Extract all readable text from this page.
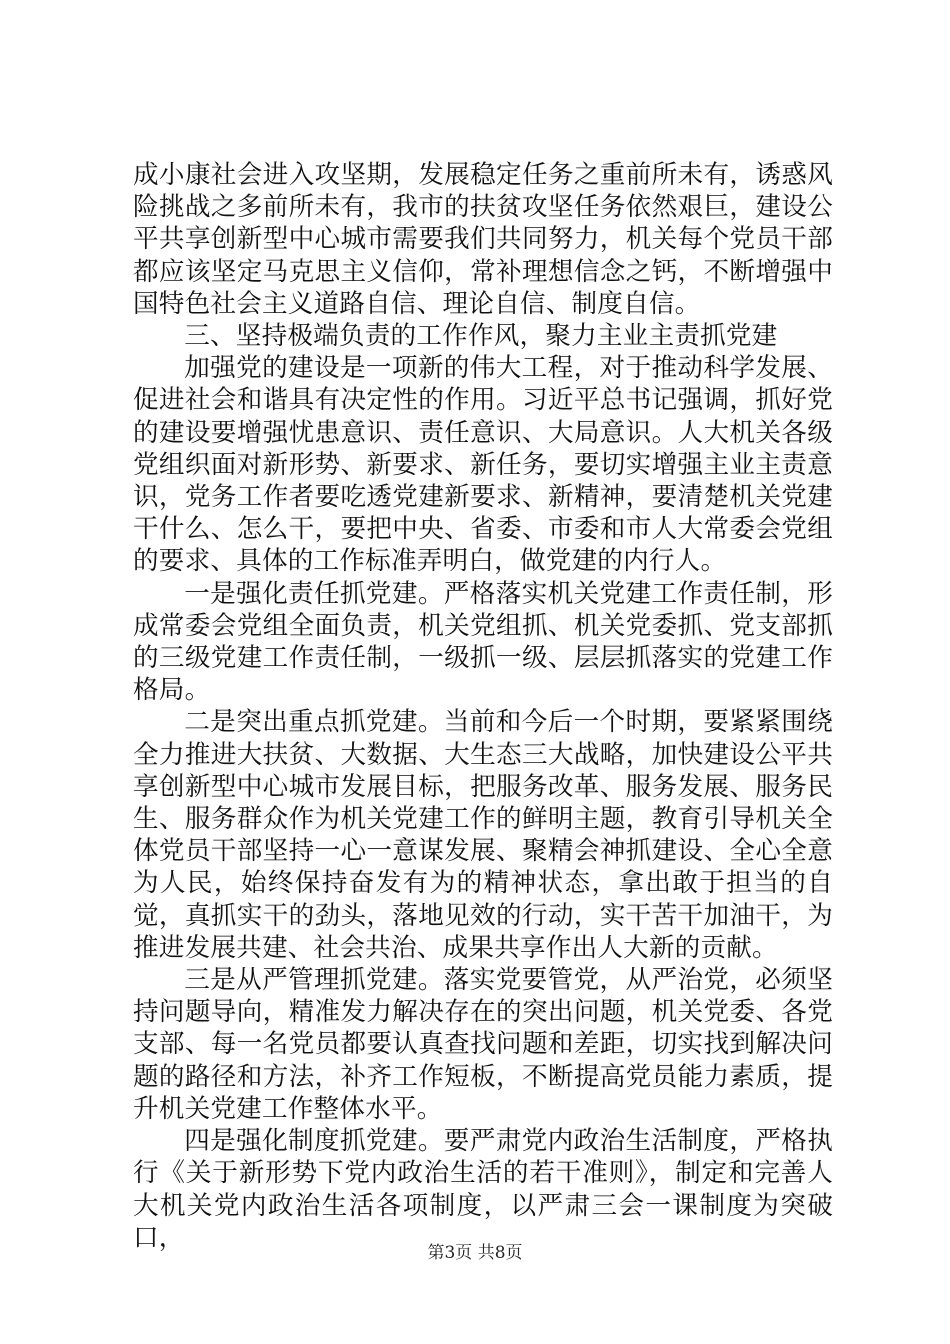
成小康社会进入攻坚期，发展稳定任务之重前所未有，诱惑风险挑战之多前所未有，我市的扶贫攻坚任务依然艰巨，建设公平共享创新型中心城市需要我们共同努力，机关每个党员干部都应该坚定马克思主义信仰，常补理想信念之钙，不断增强中国特色社会主义道路自信、理论自信、制度自信。

三、坚持极端负责的工作作风，聚力主业主责抓党建

加强党的建设是一项新的伟大工程，对于推动科学发展、促进社会和谐具有决定性的作用。习近平总书记强调，抓好党的建设要增强忧患意识、责任意识、大局意识。人大机关各级党组织面对新形势、新要求、新任务，要切实增强主业主责意识，党务工作者要吃透党建新要求、新精神，要清楚机关党建干什么、怎么干，要把中央、省委、市委和市人大常委会党组的要求、具体的工作标准弄明白，做党建的内行人。

一是强化责任抓党建。严格落实机关党建工作责任制，形成常委会党组全面负责，机关党组抓、机关党委抓、党支部抓的三级党建工作责任制，一级抓一级、层层抓落实的党建工作格局。

二是突出重点抓党建。当前和今后一个时期，要紧紧围绕全力推进大扶贫、大数据、大生态三大战略，加快建设公平共享创新型中心城市发展目标，把服务改革、服务发展、服务民生、服务群众作为机关党建工作的鲜明主题，教育引导机关全体党员干部坚持一心一意谋发展、聚精会神抓建设、全心全意为人民，始终保持奋发有为的精神状态，拿出敢于担当的自觉，真抓实干的劲头，落地见效的行动，实干苦干加油干，为推进发展共建、社会共治、成果共享作出人大新的贡献。

三是从严管理抓党建。落实党要管党，从严治党，必须坚持问题导向，精准发力解决存在的突出问题，机关党委、各党支部、每一名党员都要认真查找问题和差距，切实找到解决问题的路径和方法，补齐工作短板，不断提高党员能力素质，提升机关党建工作整体水平。

四是强化制度抓党建。要严肃党内政治生活制度，严格执行《关于新形势下党内政治生活的若干准则》，制定和完善人大机关党内政治生活各项制度，以严肃三会一课制度为突破口，

第3页 共8页
